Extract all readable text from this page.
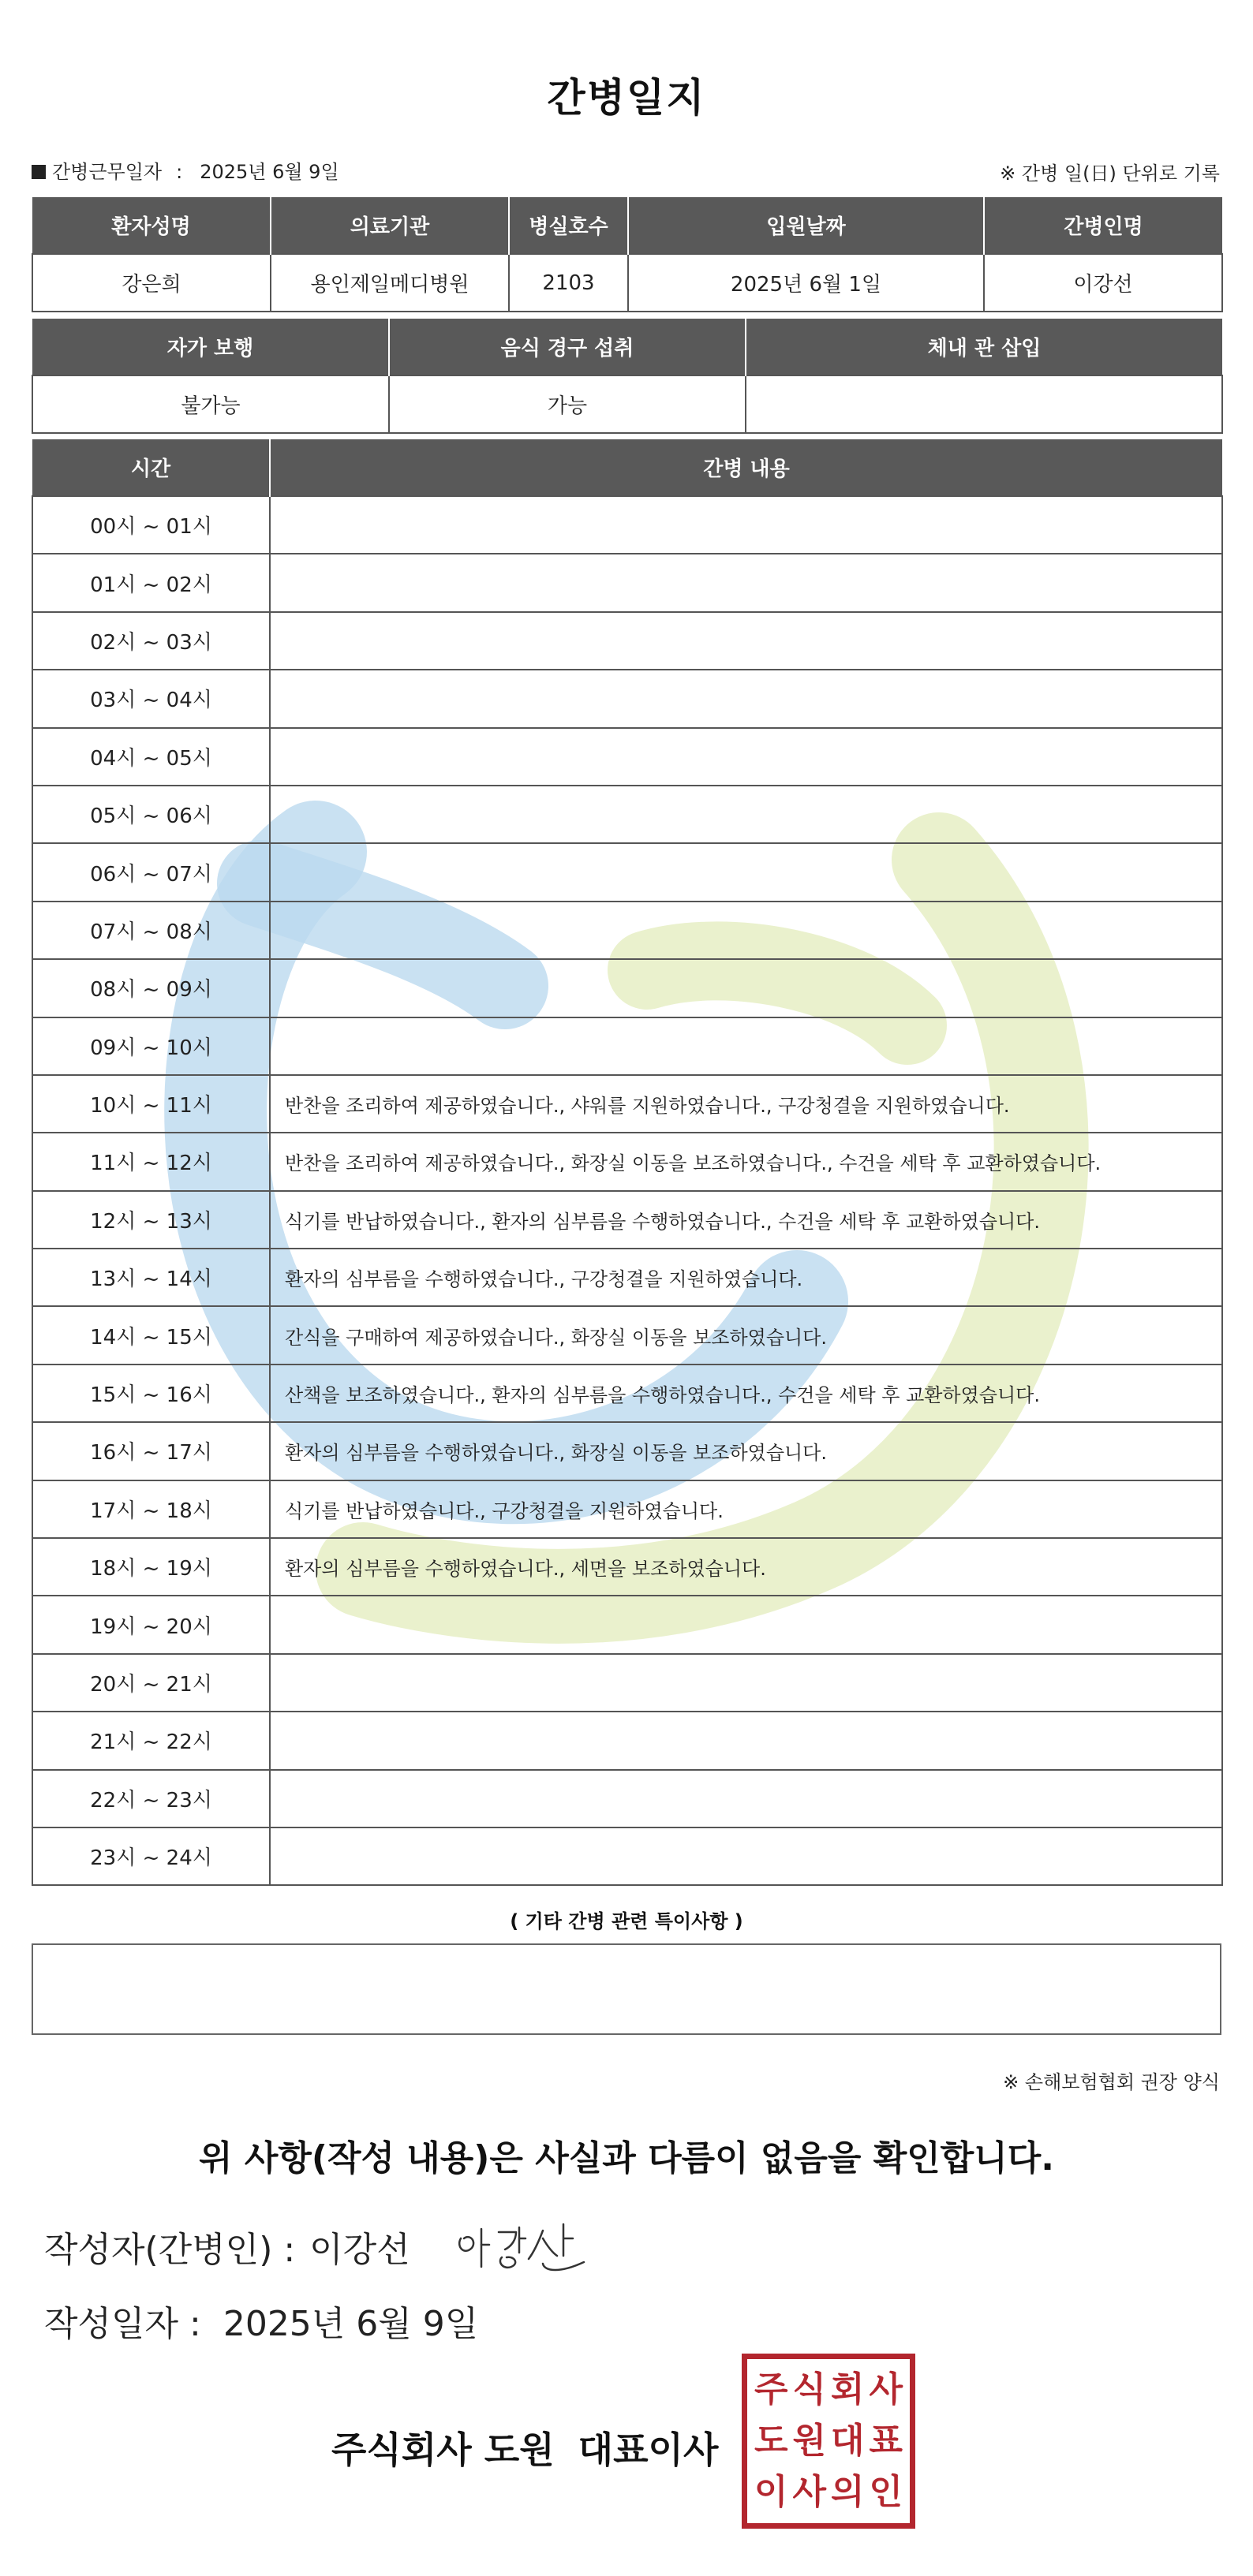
간병일지
간병근무일자 : 2025년 6월 9일	※ 간병 일(日) 단위로 기록
환자성명	의료기관	병실호수	입원날짜	간병인명
강은희	용인제일메디병원	2103	2025년 6월 1일	이강선
자가 보행	음식 경구 섭취	체내 관 삽입
불가능	가능	
시간	간병 내용
00시 ~ 01시	
01시 ~ 02시	
02시 ~ 03시	
03시 ~ 04시	
04시 ~ 05시	
05시 ~ 06시	
06시 ~ 07시	
07시 ~ 08시	
08시 ~ 09시	
09시 ~ 10시	
10시 ~ 11시	반찬을 조리하여 제공하였습니다., 샤워를 지원하였습니다., 구강청결을 지원하였습니다.
11시 ~ 12시	반찬을 조리하여 제공하였습니다., 화장실 이동을 보조하였습니다., 수건을 세탁 후 교환하였습니다.
12시 ~ 13시	식기를 반납하였습니다., 환자의 심부름을 수행하였습니다., 수건을 세탁 후 교환하였습니다.
13시 ~ 14시	환자의 심부름을 수행하였습니다., 구강청결을 지원하였습니다.
14시 ~ 15시	간식을 구매하여 제공하였습니다., 화장실 이동을 보조하였습니다.
15시 ~ 16시	산책을 보조하였습니다., 환자의 심부름을 수행하였습니다., 수건을 세탁 후 교환하였습니다.
16시 ~ 17시	환자의 심부름을 수행하였습니다., 화장실 이동을 보조하였습니다.
17시 ~ 18시	식기를 반납하였습니다., 구강청결을 지원하였습니다.
18시 ~ 19시	환자의 심부름을 수행하였습니다., 세면을 보조하였습니다.
19시 ~ 20시	
20시 ~ 21시	
21시 ~ 22시	
22시 ~ 23시	
23시 ~ 24시	
( 기타 간병 관련 특이사항 )
※ 손해보험협회 권장 양식
위 사항(작성 내용)은 사실과 다름이 없음을 확인합니다.
작성자(간병인) : 이강선
작성일자 : 2025년 6월 9일
주식회사 도원 대표이사
주 식 회 사
도 원 대 표
이 사 의 인
